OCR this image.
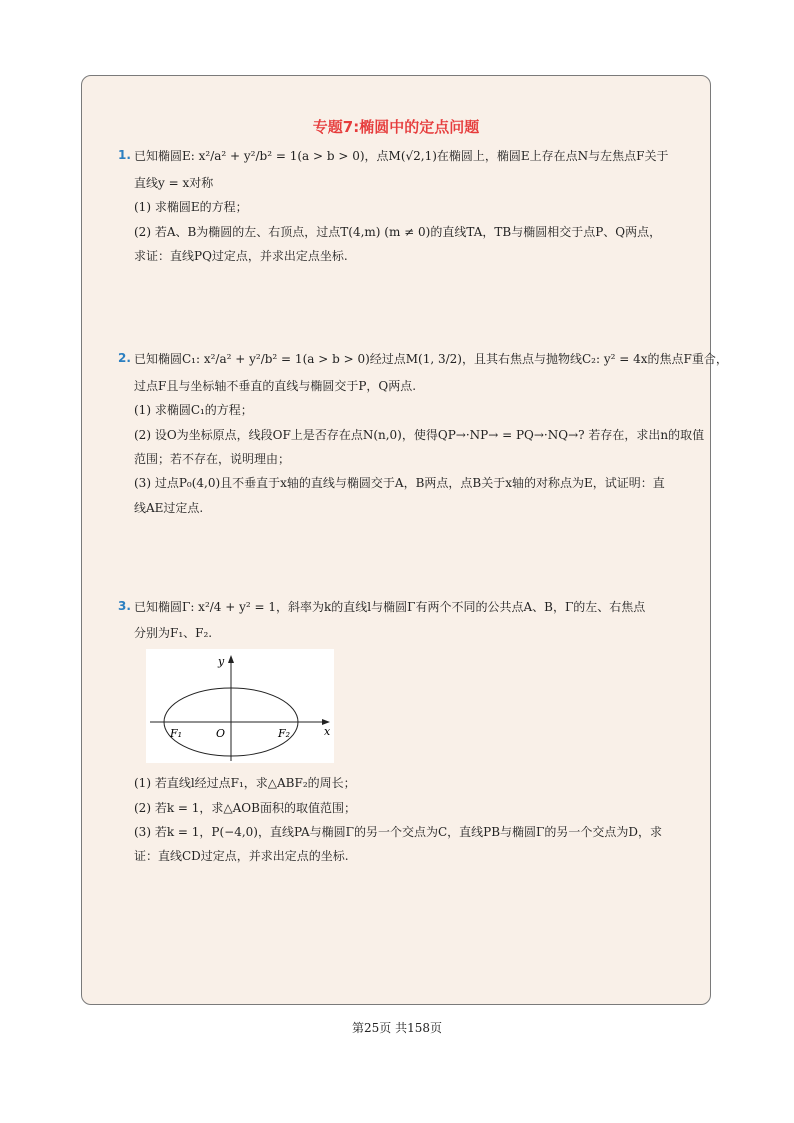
专题7:椭圆中的定点问题
1. 已知椭圆E: x²/a² + y²/b² = 1(a > b > 0)，点M(√2,1)在椭圆上，椭圆E上存在点N与左焦点F关于
直线y = x对称
(1) 求椭圆E的方程；
(2) 若A、B为椭圆的左、右顶点，过点T(4,m) (m ≠ 0)的直线TA，TB与椭圆相交于点P、Q两点，
求证：直线PQ过定点，并求出定点坐标.
2. 已知椭圆C₁: x²/a² + y²/b² = 1(a > b > 0)经过点M(1, 3/2)，且其右焦点与抛物线C₂: y² = 4x的焦点F重合，
过点F且与坐标轴不垂直的直线与椭圆交于P，Q两点.
(1) 求椭圆C₁的方程；
(2) 设O为坐标原点，线段OF上是否存在点N(n,0)，使得QP→·NP→ = PQ→·NQ→? 若存在，求出n的取值
范围；若不存在，说明理由；
(3) 过点P₀(4,0)且不垂直于x轴的直线与椭圆交于A，B两点，点B关于x轴的对称点为E，试证明：直
线AE过定点.
3. 已知椭圆Γ: x²/4 + y² = 1，斜率为k的直线l与椭圆Γ有两个不同的公共点A、B，Γ的左、右焦点
分别为F₁、F₂.
y
x
O
F₁	F₂
(1) 若直线l经过点F₁，求△ABF₂的周长；
(2) 若k = 1，求△AOB面积的取值范围；
(3) 若k = 1，P(−4,0)，直线PA与椭圆Γ的另一个交点为C，直线PB与椭圆Γ的另一个交点为D，求
证：直线CD过定点，并求出定点的坐标.
第25页 共158页
